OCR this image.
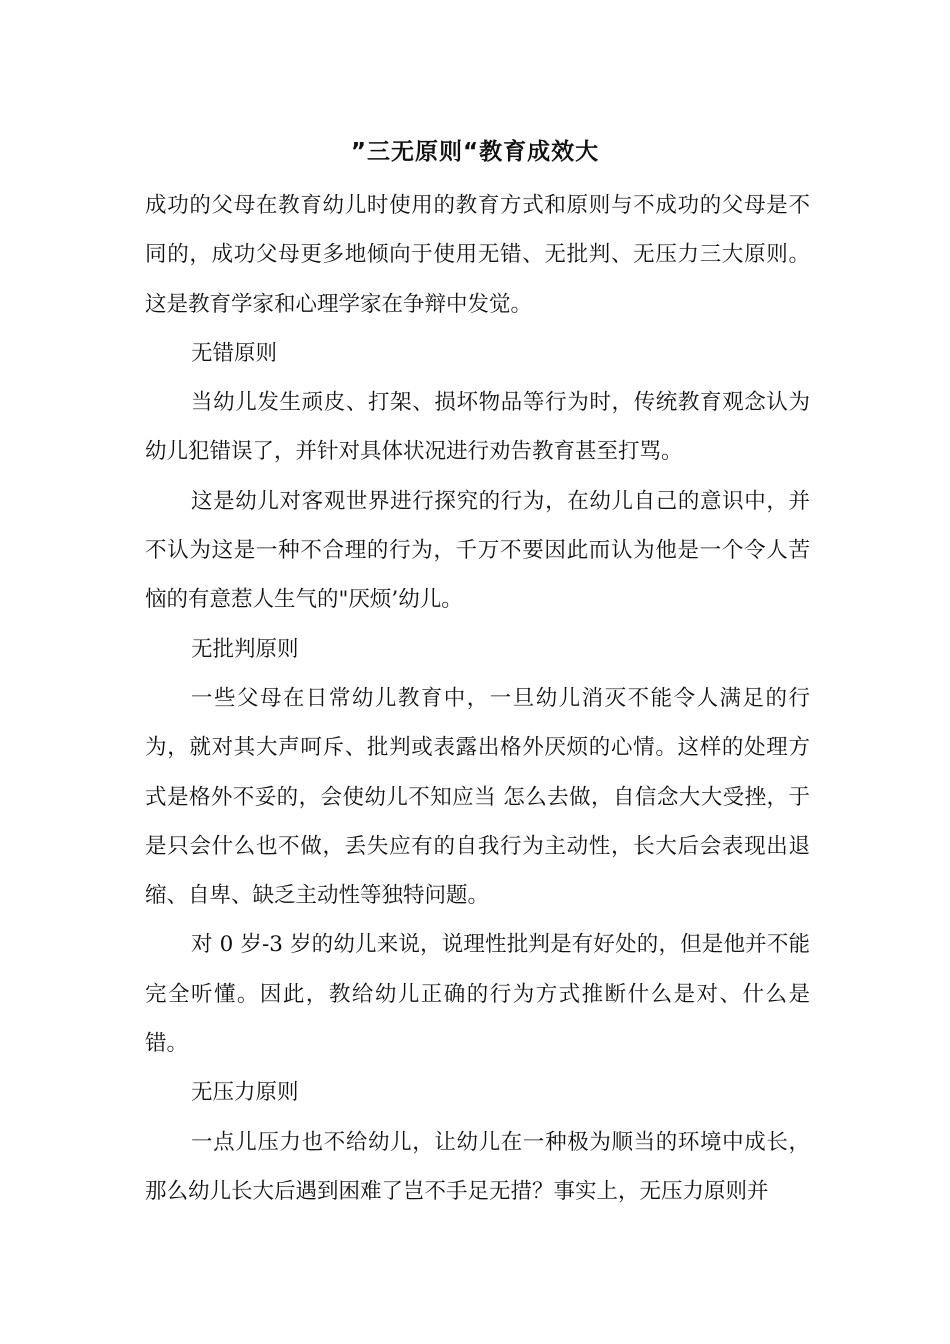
”三无原则“教育成效大

成功的父母在教育幼儿时使用的教育方式和原则与不成功的父母是不同的，成功父母更多地倾向于使用无错、无批判、无压力三大原则。这是教育学家和心理学家在争辩中发觉。

无错原则

当幼儿发生顽皮、打架、损坏物品等行为时，传统教育观念认为幼儿犯错误了，并针对具体状况进行劝告教育甚至打骂。

这是幼儿对客观世界进行探究的行为，在幼儿自己的意识中，并不认为这是一种不合理的行为，千万不要因此而认为他是一个令人苦恼的有意惹人生气的"厌烦’幼儿。

无批判原则

一些父母在日常幼儿教育中，一旦幼儿消灭不能令人满足的行为，就对其大声呵斥、批判或表露出格外厌烦的心情。这样的处理方式是格外不妥的，会使幼儿不知应当 怎么去做，自信念大大受挫，于是只会什么也不做，丢失应有的自我行为主动性，长大后会表现出退缩、自卑、缺乏主动性等独特问题。

对 0 岁-3 岁的幼儿来说，说理性批判是有好处的，但是他并不能完全听懂。因此，教给幼儿正确的行为方式推断什么是对、什么是错。

无压力原则

一点儿压力也不给幼儿，让幼儿在一种极为顺当的环境中成长，那么幼儿长大后遇到困难了岂不手足无措？事实上，无压力原则并
